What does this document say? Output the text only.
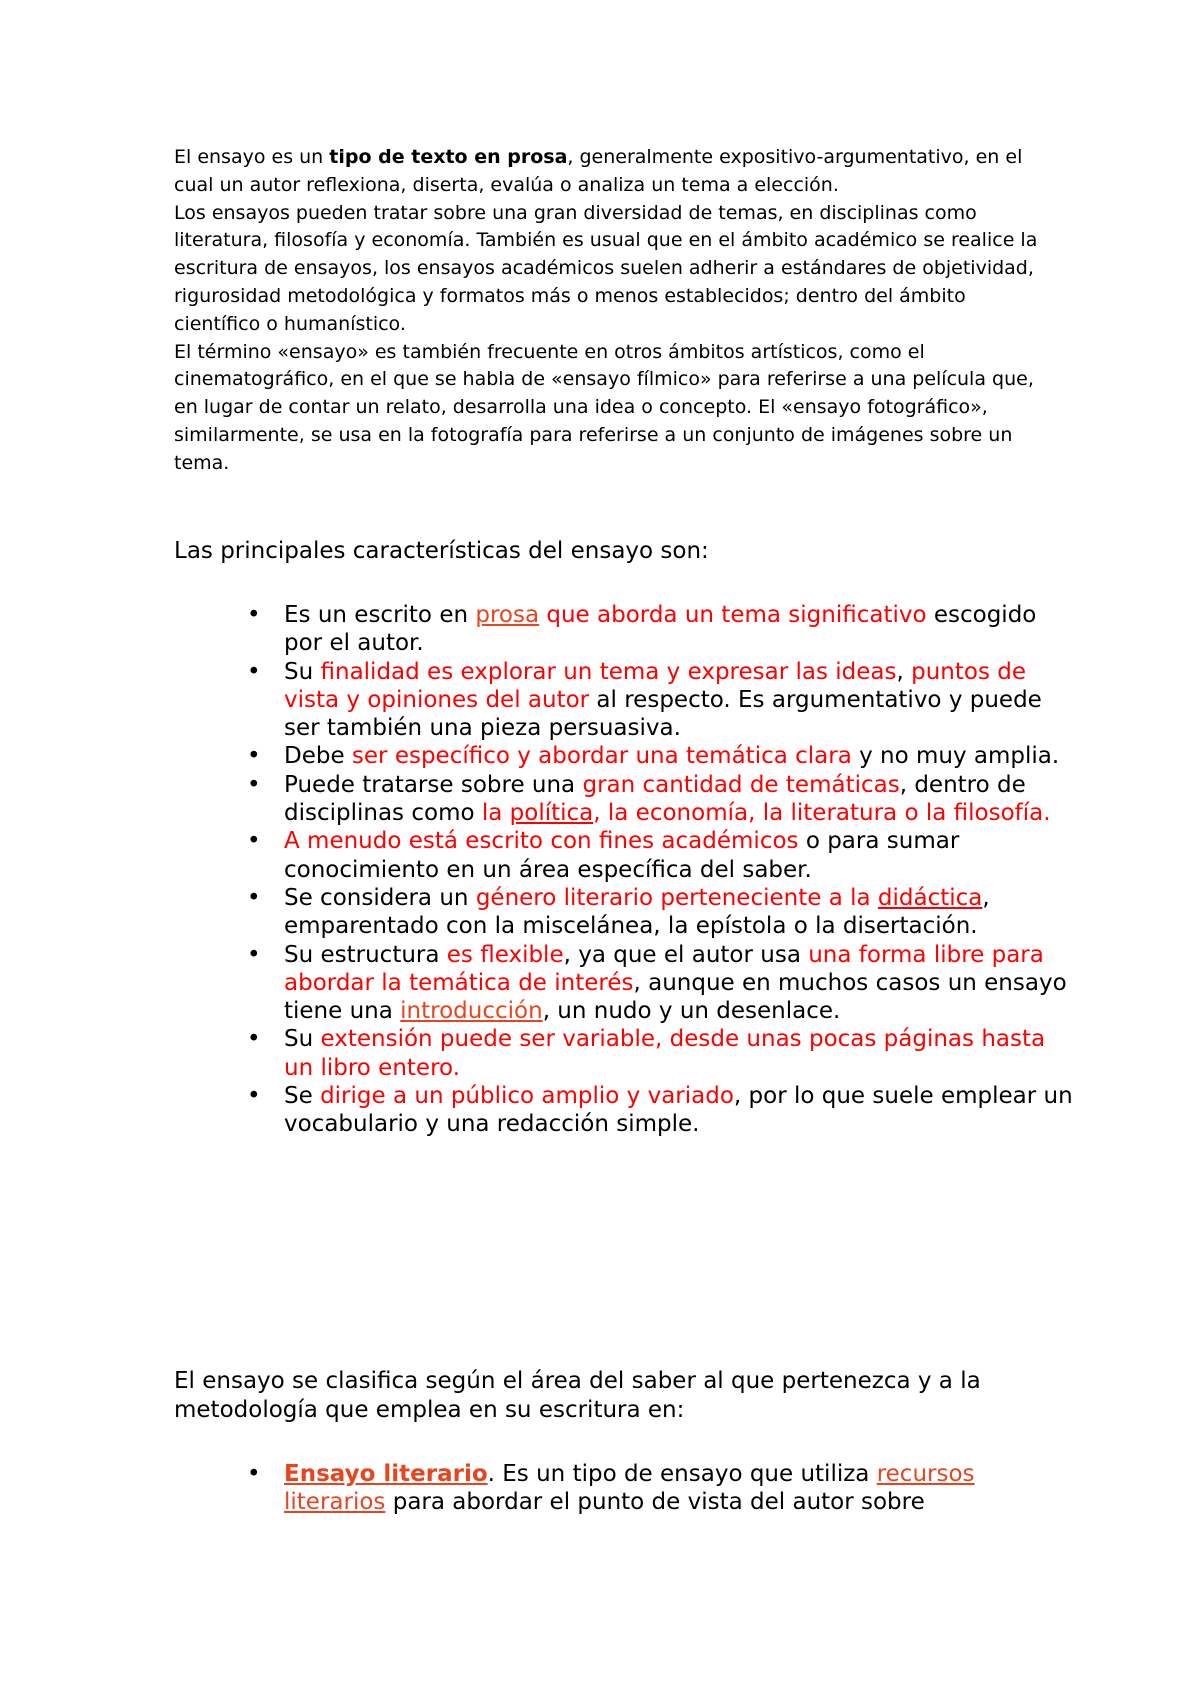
El ensayo es un tipo de texto en prosa, generalmente expositivo-argumentativo, en el cual un autor reflexiona, diserta, evalúa o analiza un tema a elección.

Los ensayos pueden tratar sobre una gran diversidad de temas, en disciplinas como literatura, filosofía y economía. También es usual que en el ámbito académico se realice la escritura de ensayos, los ensayos académicos suelen adherir a estándares de objetividad, rigurosidad metodológica y formatos más o menos establecidos; dentro del ámbito científico o humanístico.

El término «ensayo» es también frecuente en otros ámbitos artísticos, como el cinematográfico, en el que se habla de «ensayo fílmico» para referirse a una película que, en lugar de contar un relato, desarrolla una idea o concepto. El «ensayo fotográfico», similarmente, se usa en la fotografía para referirse a un conjunto de imágenes sobre un tema.

Las principales características del ensayo son:
• Es un escrito en prosa que aborda un tema significativo escogido por el autor.
• Su finalidad es explorar un tema y expresar las ideas, puntos de vista y opiniones del autor al respecto. Es argumentativo y puede ser también una pieza persuasiva.
• Debe ser específico y abordar una temática clara y no muy amplia.
• Puede tratarse sobre una gran cantidad de temáticas, dentro de disciplinas como la política, la economía, la literatura o la filosofía.
• A menudo está escrito con fines académicos o para sumar conocimiento en un área específica del saber.
• Se considera un género literario perteneciente a la didáctica, emparentado con la miscelánea, la epístola o la disertación.
• Su estructura es flexible, ya que el autor usa una forma libre para abordar la temática de interés, aunque en muchos casos un ensayo tiene una introducción, un nudo y un desenlace.
• Su extensión puede ser variable, desde unas pocas páginas hasta un libro entero.
• Se dirige a un público amplio y variado, por lo que suele emplear un vocabulario y una redacción simple.
El ensayo se clasifica según el área del saber al que pertenezca y a la metodología que emplea en su escritura en:
• Ensayo literario. Es un tipo de ensayo que utiliza recursos literarios para abordar el punto de vista del autor sobre
